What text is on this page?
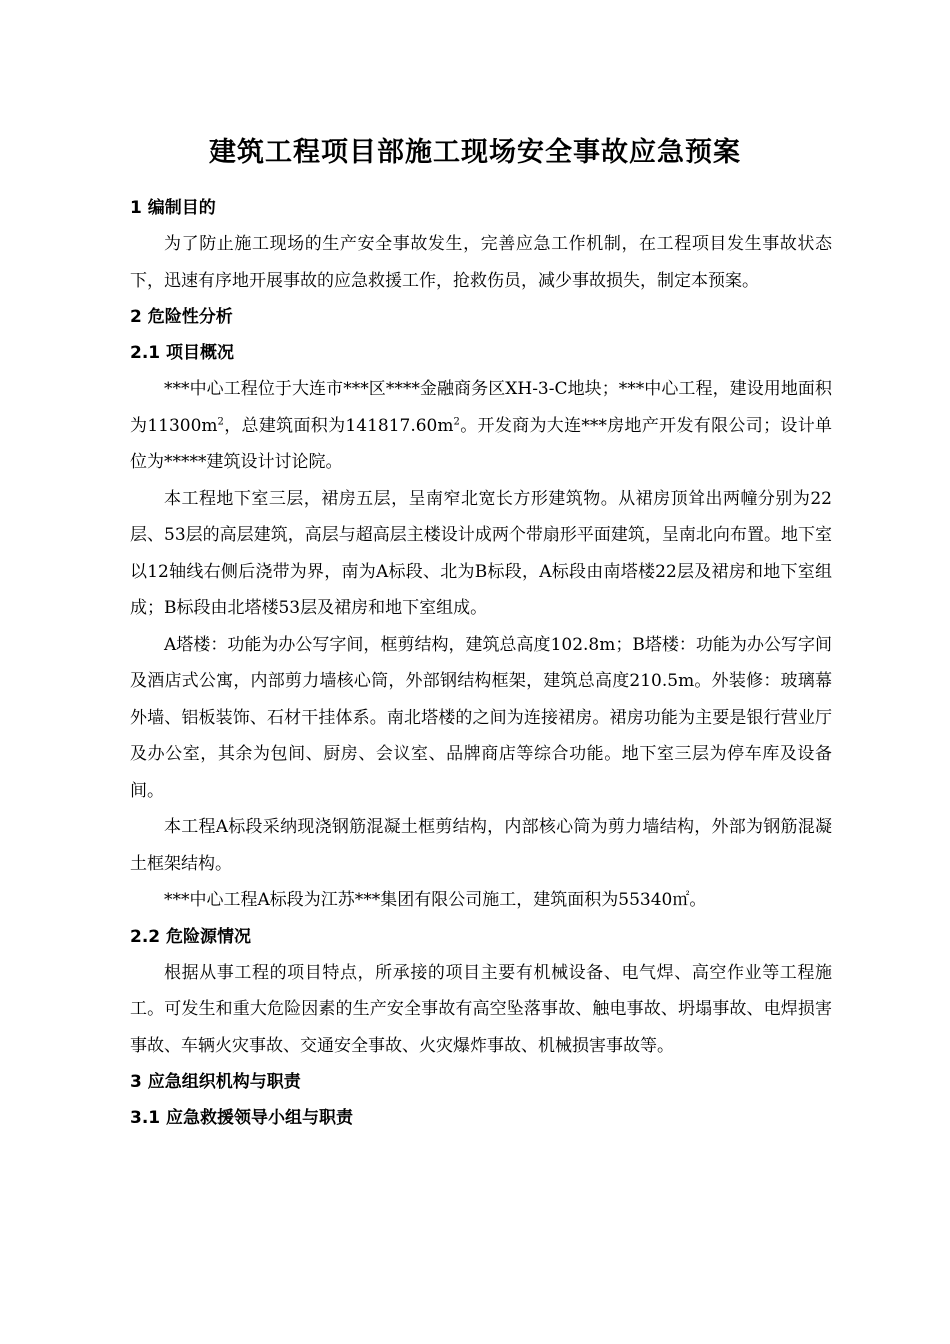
建筑工程项目部施工现场安全事故应急预案
1 编制目的

为了防止施工现场的生产安全事故发生，完善应急工作机制，在工程项目发生事故状态下，迅速有序地开展事故的应急救援工作，抢救伤员，减少事故损失，制定本预案。

2 危险性分析
2.1 项目概况

***中心工程位于大连市***区****金融商务区XH-3-C地块；***中心工程，建设用地面积为$11300m^2$，总建筑面积为$141817.60m^2$。开发商为大连***房地产开发有限公司；设计单位为*****建筑设计讨论院。

本工程地下室三层，裙房五层，呈南窄北宽长方形建筑物。从裙房顶耸出两幢分别为22层、53层的高层建筑，高层与超高层主楼设计成两个带扇形平面建筑，呈南北向布置。地下室以12轴线右侧后浇带为界，南为A标段、北为B标段，A标段由南塔楼22层及裙房和地下室组成；B标段由北塔楼53层及裙房和地下室组成。

A塔楼：功能为办公写字间，框剪结构，建筑总高度102.8m；B塔楼：功能为办公写字间及酒店式公寓，内部剪力墙核心筒，外部钢结构框架，建筑总高度210.5m。外装修：玻璃幕外墙、铝板装饰、石材干挂体系。南北塔楼的之间为连接裙房。裙房功能为主要是银行营业厅及办公室，其余为包间、厨房、会议室、品牌商店等综合功能。地下室三层为停车库及设备间。

本工程A标段采纳现浇钢筋混凝土框剪结构，内部核心筒为剪力墙结构，外部为钢筋混凝土框架结构。

***中心工程A标段为江苏***集团有限公司施工，建筑面积为55340㎡。

2.2 危险源情况

根据从事工程的项目特点，所承接的项目主要有机械设备、电气焊、高空作业等工程施工。可发生和重大危险因素的生产安全事故有高空坠落事故、触电事故、坍塌事故、电焊损害事故、车辆火灾事故、交通安全事故、火灾爆炸事故、机械损害事故等。

3 应急组织机构与职责
3.1 应急救援领导小组与职责
